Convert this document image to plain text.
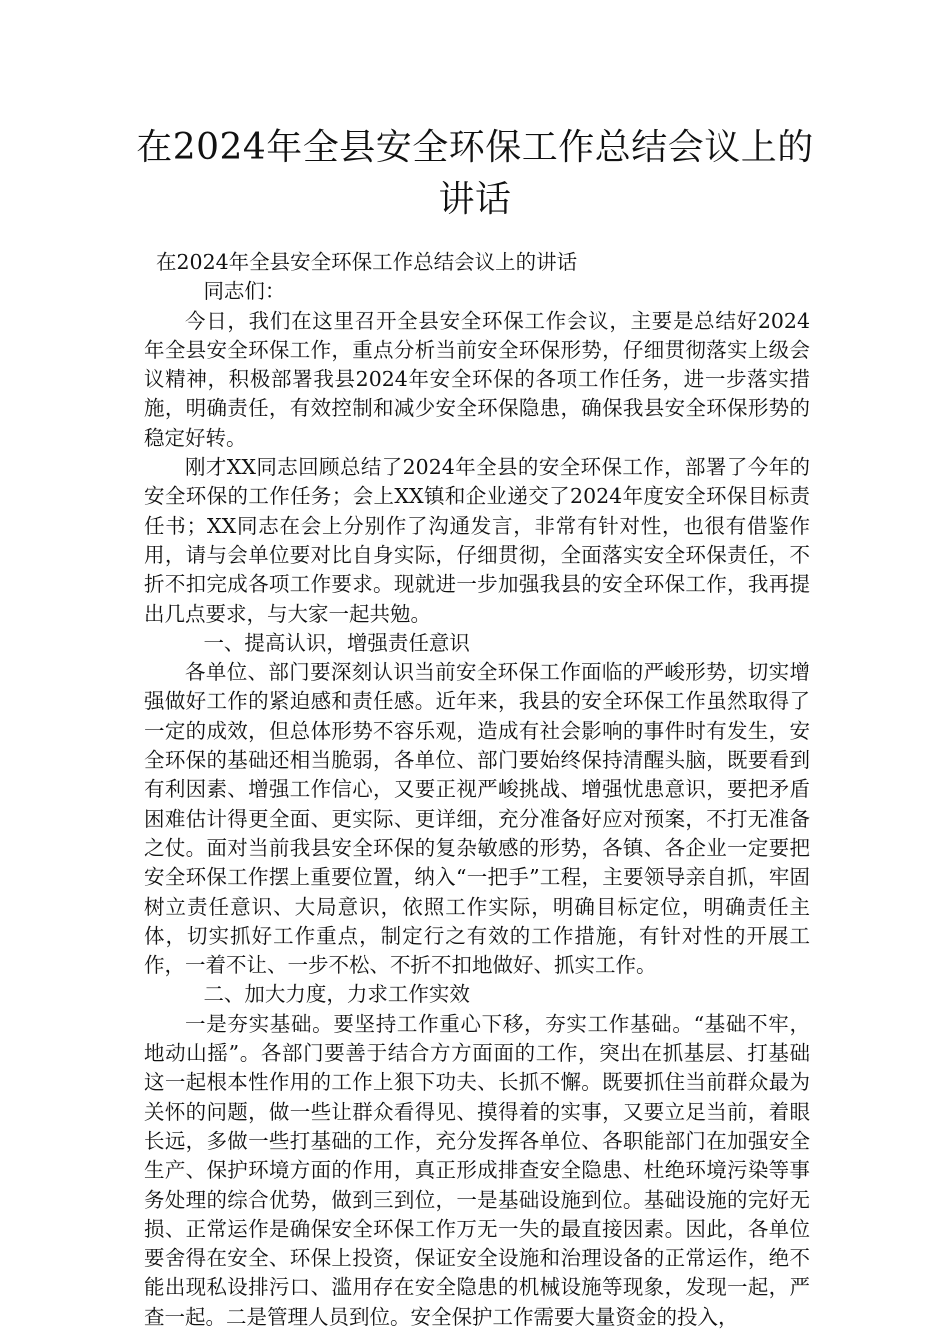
在2024年全县安全环保工作总结会议上的
讲话

在2024年全县安全环保工作总结会议上的讲话

同志们：

今日，我们在这里召开全县安全环保工作会议，主要是总结好2024年全县安全环保工作，重点分析当前安全环保形势，仔细贯彻落实上级会议精神，积极部署我县2024年安全环保的各项工作任务，进一步落实措施，明确责任，有效控制和减少安全环保隐患，确保我县安全环保形势的稳定好转。

刚才XX同志回顾总结了2024年全县的安全环保工作，部署了今年的安全环保的工作任务；会上XX镇和企业递交了2024年度安全环保目标责任书；XX同志在会上分别作了沟通发言，非常有针对性，也很有借鉴作用，请与会单位要对比自身实际，仔细贯彻，全面落实安全环保责任，不折不扣完成各项工作要求。现就进一步加强我县的安全环保工作，我再提出几点要求，与大家一起共勉。

一、提高认识，增强责任意识

各单位、部门要深刻认识当前安全环保工作面临的严峻形势，切实增强做好工作的紧迫感和责任感。近年来，我县的安全环保工作虽然取得了一定的成效，但总体形势不容乐观，造成有社会影响的事件时有发生，安全环保的基础还相当脆弱，各单位、部门要始终保持清醒头脑，既要看到有利因素、增强工作信心，又要正视严峻挑战、增强忧患意识，要把矛盾困难估计得更全面、更实际、更详细，充分准备好应对预案，不打无准备之仗。面对当前我县安全环保的复杂敏感的形势，各镇、各企业一定要把安全环保工作摆上重要位置，纳入“一把手”工程，主要领导亲自抓，牢固树立责任意识、大局意识，依照工作实际，明确目标定位，明确责任主体，切实抓好工作重点，制定行之有效的工作措施，有针对性的开展工作，一着不让、一步不松、不折不扣地做好、抓实工作。

二、加大力度，力求工作实效

一是夯实基础。要坚持工作重心下移，夯实工作基础。“基础不牢，地动山摇”。各部门要善于结合方方面面的工作，突出在抓基层、打基础这一起根本性作用的工作上狠下功夫、长抓不懈。既要抓住当前群众最为关怀的问题，做一些让群众看得见、摸得着的实事，又要立足当前，着眼长远，多做一些打基础的工作，充分发挥各单位、各职能部门在加强安全生产、保护环境方面的作用，真正形成排查安全隐患、杜绝环境污染等事务处理的综合优势，做到三到位，一是基础设施到位。基础设施的完好无损、正常运作是确保安全环保工作万无一失的最直接因素。因此，各单位要舍得在安全、环保上投资，保证安全设施和治理设备的正常运作，绝不能出现私设排污口、滥用存在安全隐患的机械设施等现象，发现一起，严查一起。二是管理人员到位。安全保护工作需要大量资金的投入，
